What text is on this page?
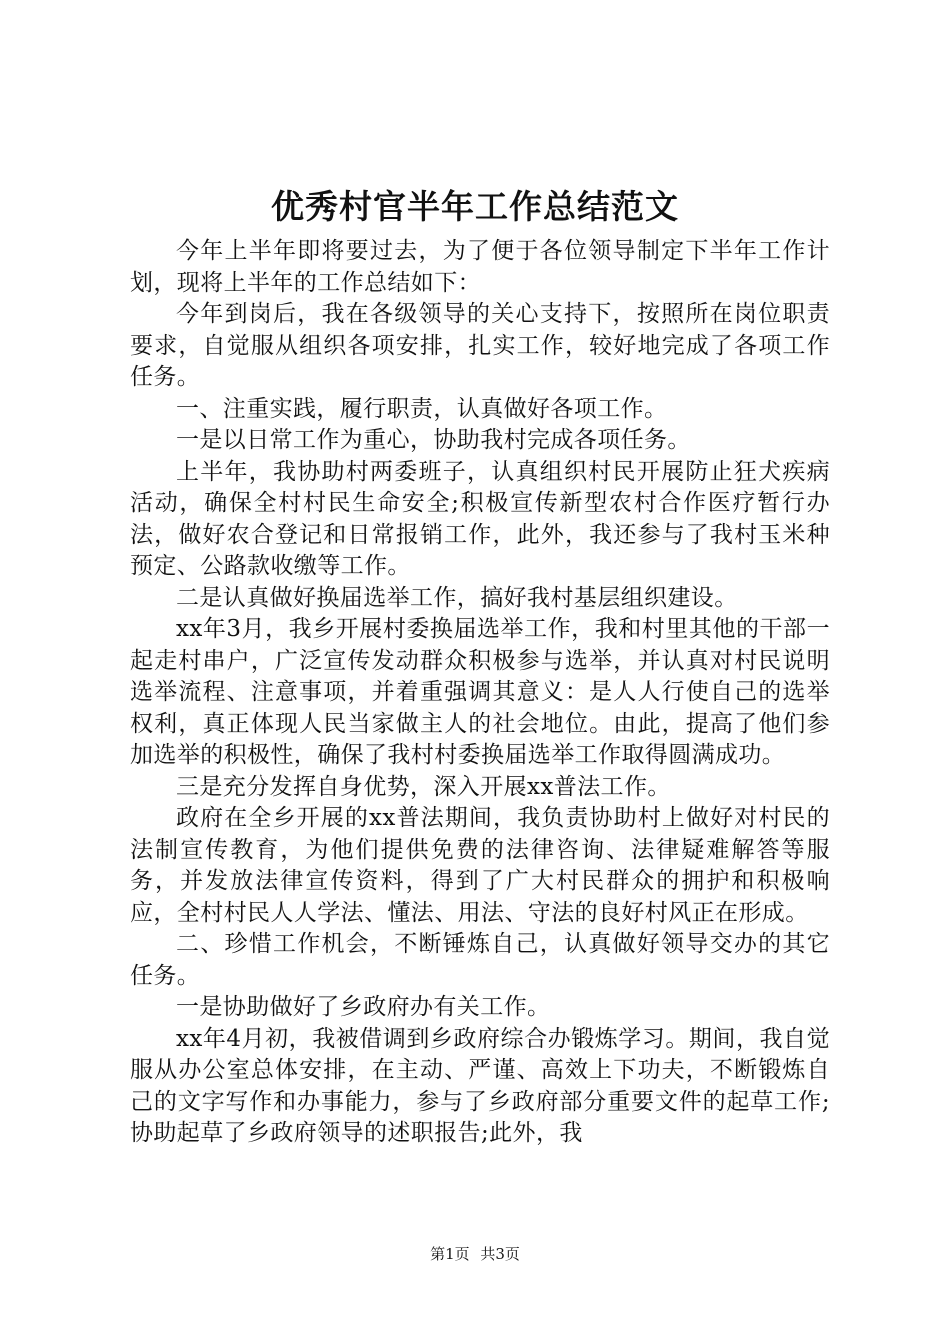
优秀村官半年工作总结范文

今年上半年即将要过去，为了便于各位领导制定下半年工作计划，现将上半年的工作总结如下：

今年到岗后，我在各级领导的关心支持下，按照所在岗位职责要求，自觉服从组织各项安排，扎实工作，较好地完成了各项工作任务。

一、注重实践，履行职责，认真做好各项工作。

一是以日常工作为重心，协助我村完成各项任务。

上半年，我协助村两委班子，认真组织村民开展防止狂犬疾病活动，确保全村村民生命安全;积极宣传新型农村合作医疗暂行办法，做好农合登记和日常报销工作，此外，我还参与了我村玉米种预定、公路款收缴等工作。

二是认真做好换届选举工作，搞好我村基层组织建设。

xx年3月，我乡开展村委换届选举工作，我和村里其他的干部一起走村串户，广泛宣传发动群众积极参与选举，并认真对村民说明选举流程、注意事项，并着重强调其意义：是人人行使自己的选举权利，真正体现人民当家做主人的社会地位。由此，提高了他们参加选举的积极性，确保了我村村委换届选举工作取得圆满成功。

三是充分发挥自身优势，深入开展xx普法工作。

政府在全乡开展的xx普法期间，我负责协助村上做好对村民的法制宣传教育，为他们提供免费的法律咨询、法律疑难解答等服务，并发放法律宣传资料，得到了广大村民群众的拥护和积极响应，全村村民人人学法、懂法、用法、守法的良好村风正在形成。

二、珍惜工作机会，不断锤炼自己，认真做好领导交办的其它任务。

一是协助做好了乡政府办有关工作。

xx年4月初，我被借调到乡政府综合办锻炼学习。期间，我自觉服从办公室总体安排，在主动、严谨、高效上下功夫，不断锻炼自己的文字写作和办事能力，参与了乡政府部分重要文件的起草工作;协助起草了乡政府领导的述职报告;此外，我

第1页 共3页
